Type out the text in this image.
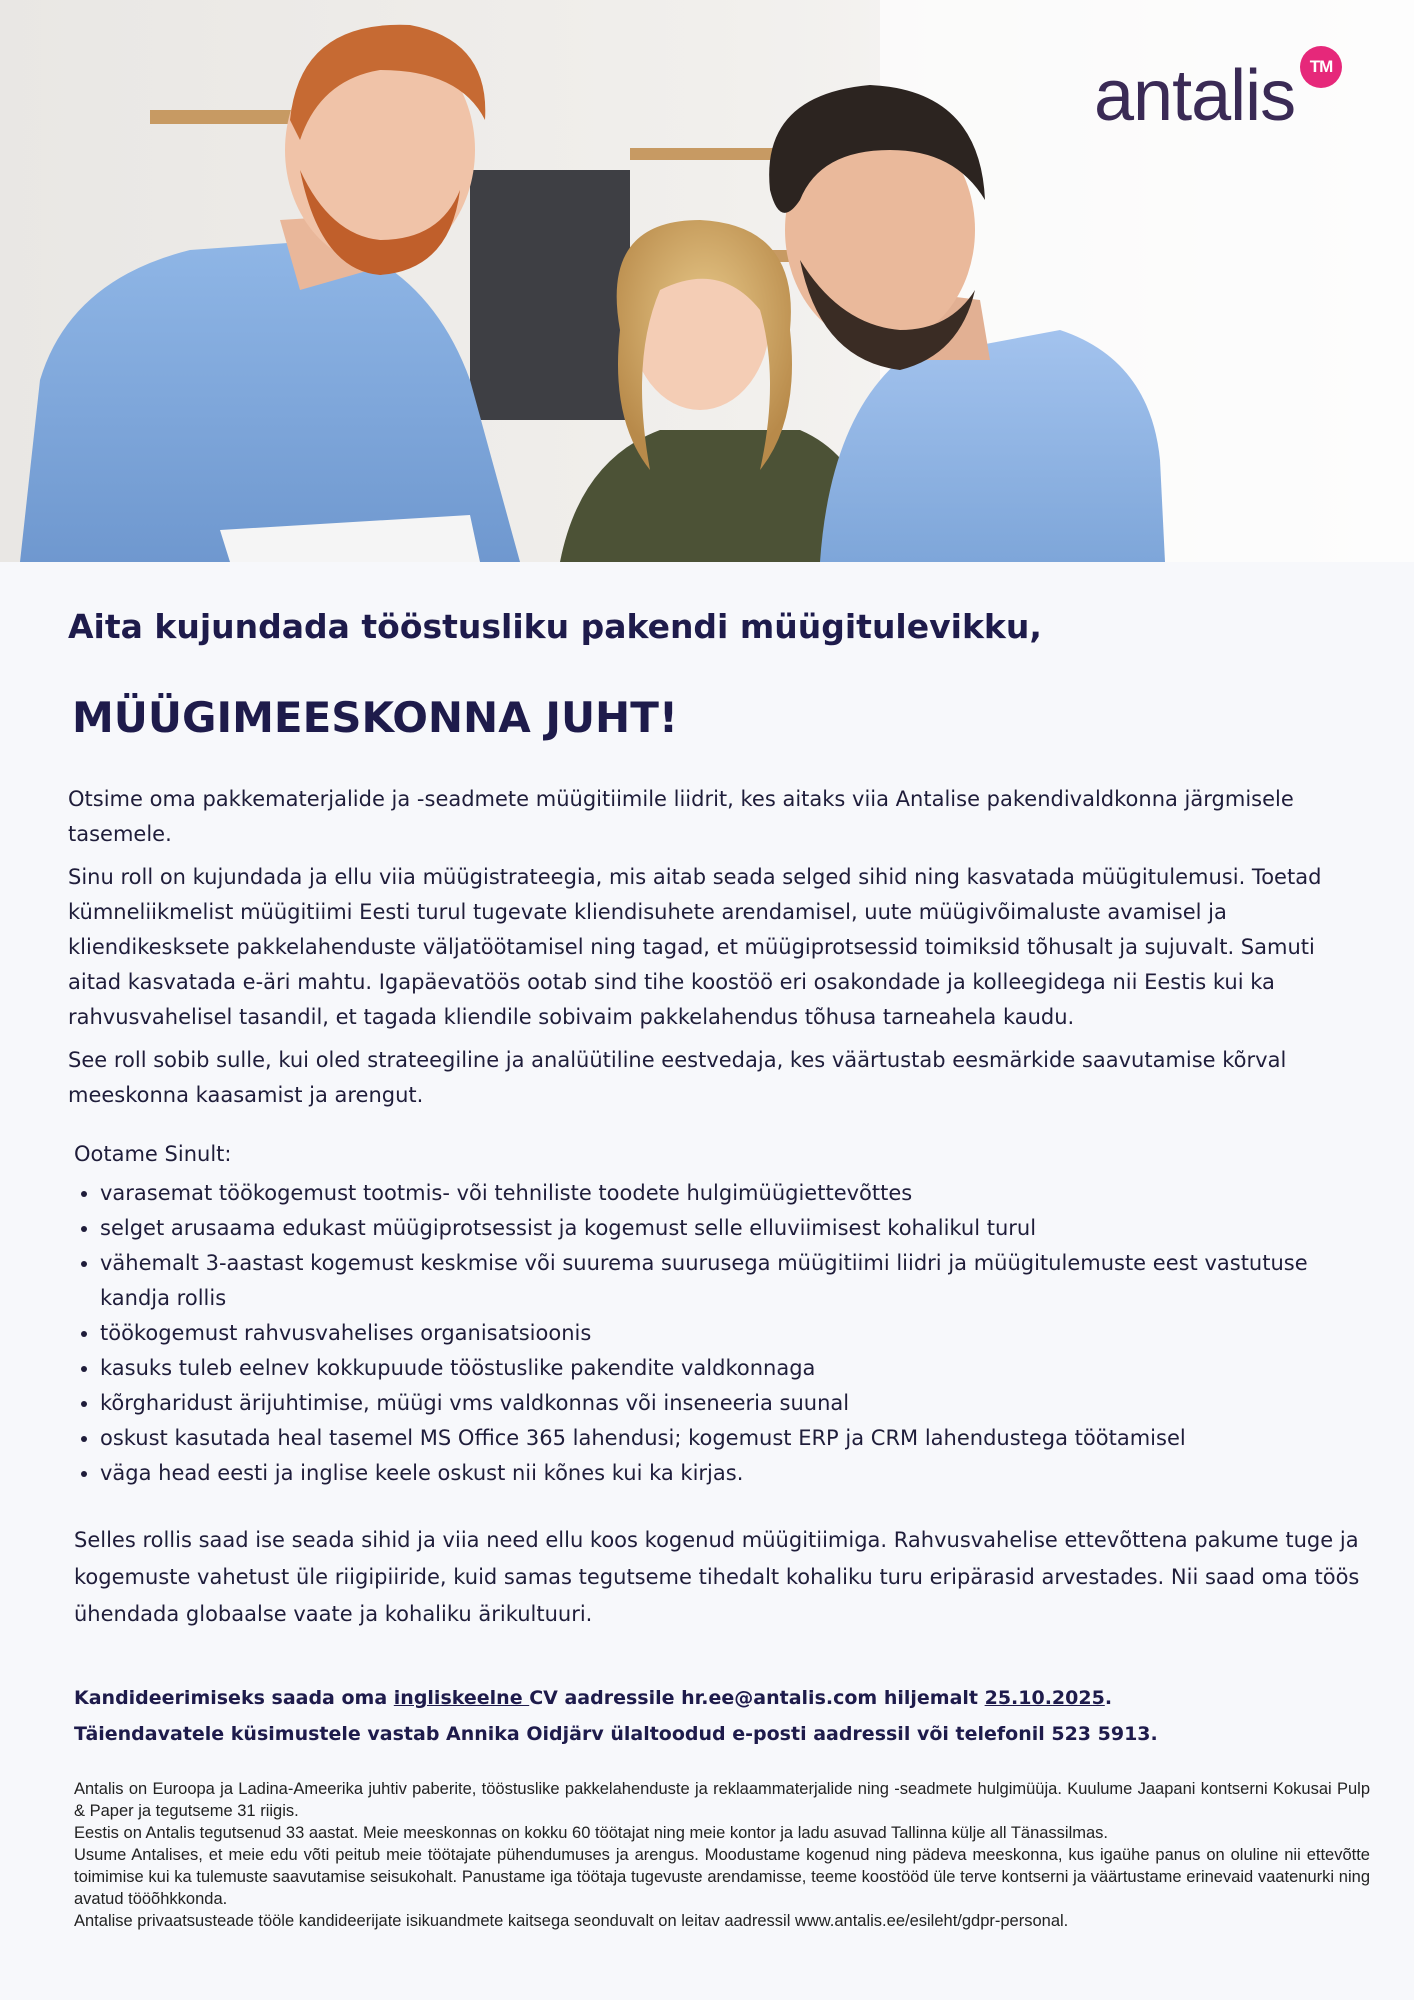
antalis TM
Aita kujundada tööstusliku pakendi müügitulevikku,
MÜÜGIMEESKONNA JUHT!

Otsime oma pakkematerjalide ja -seadmete müügitiimile liidrit, kes aitaks viia Antalise pakendivaldkonna järgmisele tasemele.

Sinu roll on kujundada ja ellu viia müügistrateegia, mis aitab seada selged sihid ning kasvatada müügitulemusi. Toetad kümneliikmelist müügitiimi Eesti turul tugevate kliendisuhete arendamisel, uute müügivõimaluste avamisel ja kliendikesksete pakkelahenduste väljatöötamisel ning tagad, et müügiprotsessid toimiksid tõhusalt ja sujuvalt. Samuti aitad kasvatada e-äri mahtu. Igapäevatöös ootab sind tihe koostöö eri osakondade ja kolleegidega nii Eestis kui ka rahvusvahelisel tasandil, et tagada kliendile sobivaim pakkelahendus tõhusa tarneahela kaudu.

See roll sobib sulle, kui oled strateegiline ja analüütiline eestvedaja, kes väärtustab eesmärkide saavutamise kõrval meeskonna kaasamist ja arengut.

Ootame Sinult:

• varasemat töökogemust tootmis- või tehniliste toodete hulgimüügiettevõttes
• selget arusaama edukast müügiprotsessist ja kogemust selle elluviimisest kohalikul turul
• vähemalt 3-aastast kogemust keskmise või suurema suurusega müügitiimi liidri ja müügitulemuste eest vastutuse kandja rollis
• töökogemust rahvusvahelises organisatsioonis
• kasuks tuleb eelnev kokkupuude tööstuslike pakendite valdkonnaga
• kõrgharidust ärijuhtimise, müügi vms valdkonnas või inseneeria suunal
• oskust kasutada heal tasemel MS Office 365 lahendusi; kogemust ERP ja CRM lahendustega töötamisel
• väga head eesti ja inglise keele oskust nii kõnes kui ka kirjas.

Selles rollis saad ise seada sihid ja viia need ellu koos kogenud müügitiimiga. Rahvusvahelise ettevõttena pakume tuge ja kogemuste vahetust üle riigipiiride, kuid samas tegutseme tihedalt kohaliku turu eripärasid arvestades. Nii saad oma töös ühendada globaalse vaate ja kohaliku ärikultuuri.

Kandideerimiseks saada oma ingliskeelne CV aadressile hr.ee@antalis.com hiljemalt 25.10.2025.

Täiendavatele küsimustele vastab Annika Oidjärv ülaltoodud e-posti aadressil või telefonil 523 5913.

Antalis on Euroopa ja Ladina-Ameerika juhtiv paberite, tööstuslike pakkelahenduste ja reklaammaterjalide ning -seadmete hulgimüüja. Kuulume Jaapani kontserni Kokusai Pulp & Paper ja tegutseme 31 riigis.

Eestis on Antalis tegutsenud 33 aastat. Meie meeskonnas on kokku 60 töötajat ning meie kontor ja ladu asuvad Tallinna külje all Tänassilmas.

Usume Antalises, et meie edu võti peitub meie töötajate pühendumuses ja arengus. Moodustame kogenud ning pädeva meeskonna, kus igaühe panus on oluline nii ettevõtte toimimise kui ka tulemuste saavutamise seisukohalt. Panustame iga töötaja tugevuste arendamisse, teeme koostööd üle terve kontserni ja väärtustame erinevaid vaatenurki ning avatud tööõhkkonda.

Antalise privaatsusteade tööle kandideerijate isikuandmete kaitsega seonduvalt on leitav aadressil www.antalis.ee/esileht/gdpr-personal.
